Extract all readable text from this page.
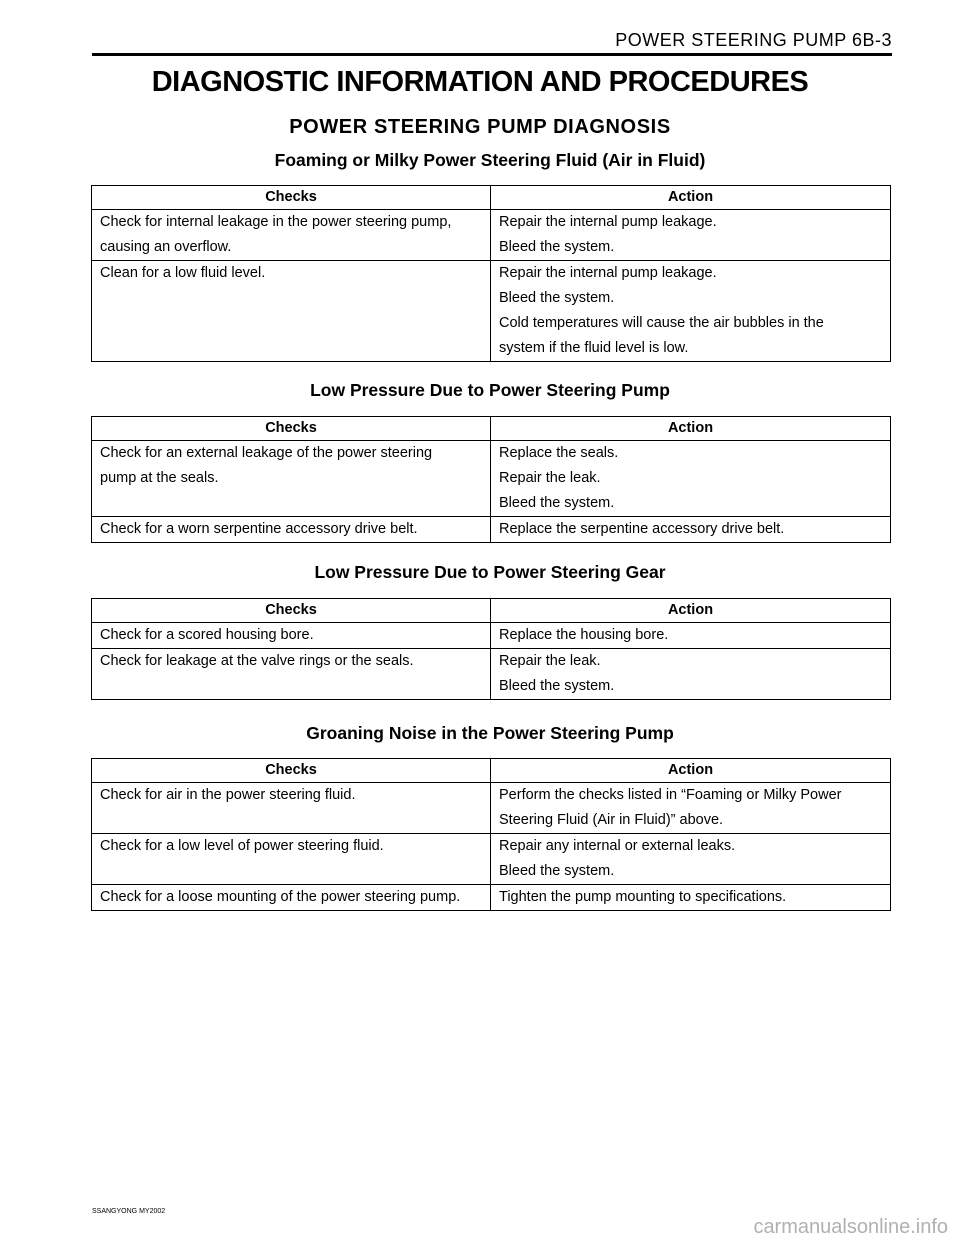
POWER STEERING PUMP 6B-3
DIAGNOSTIC INFORMATION AND PROCEDURES
POWER STEERING PUMP DIAGNOSIS
Foaming or Milky Power Steering Fluid (Air in Fluid)
Checks	Action

Check for internal leakage in the power steering pump,
causing an overflow.	Repair the internal pump leakage.
Bleed the system.

Clean for a low fluid level.	Repair the internal pump leakage.
Bleed the system.
Cold temperatures will cause the air bubbles in the
system if the fluid level is low.
Low Pressure Due to Power Steering Pump
Checks	Action

Check for an external leakage of the power steering
pump at the seals.	Replace the seals.
Repair the leak.
Bleed the system.

Check for a worn serpentine accessory drive belt.	Replace the serpentine accessory drive belt.
Low Pressure Due to Power Steering Gear
Checks	Action

Check for a scored housing bore.	Replace the housing bore.

Check for leakage at the valve rings or the seals.	Repair the leak.
Bleed the system.
Groaning Noise in the Power Steering Pump
Checks	Action

Check for air in the power steering fluid.	Perform the checks listed in “Foaming or Milky Power
Steering Fluid (Air in Fluid)” above.

Check for a low level of power steering fluid.	Repair any internal or external leaks.
Bleed the system.

Check for a loose mounting of the power steering pump.	Tighten the pump mounting to specifications.
SSANGYONG MY2002
carmanualsonline.info
